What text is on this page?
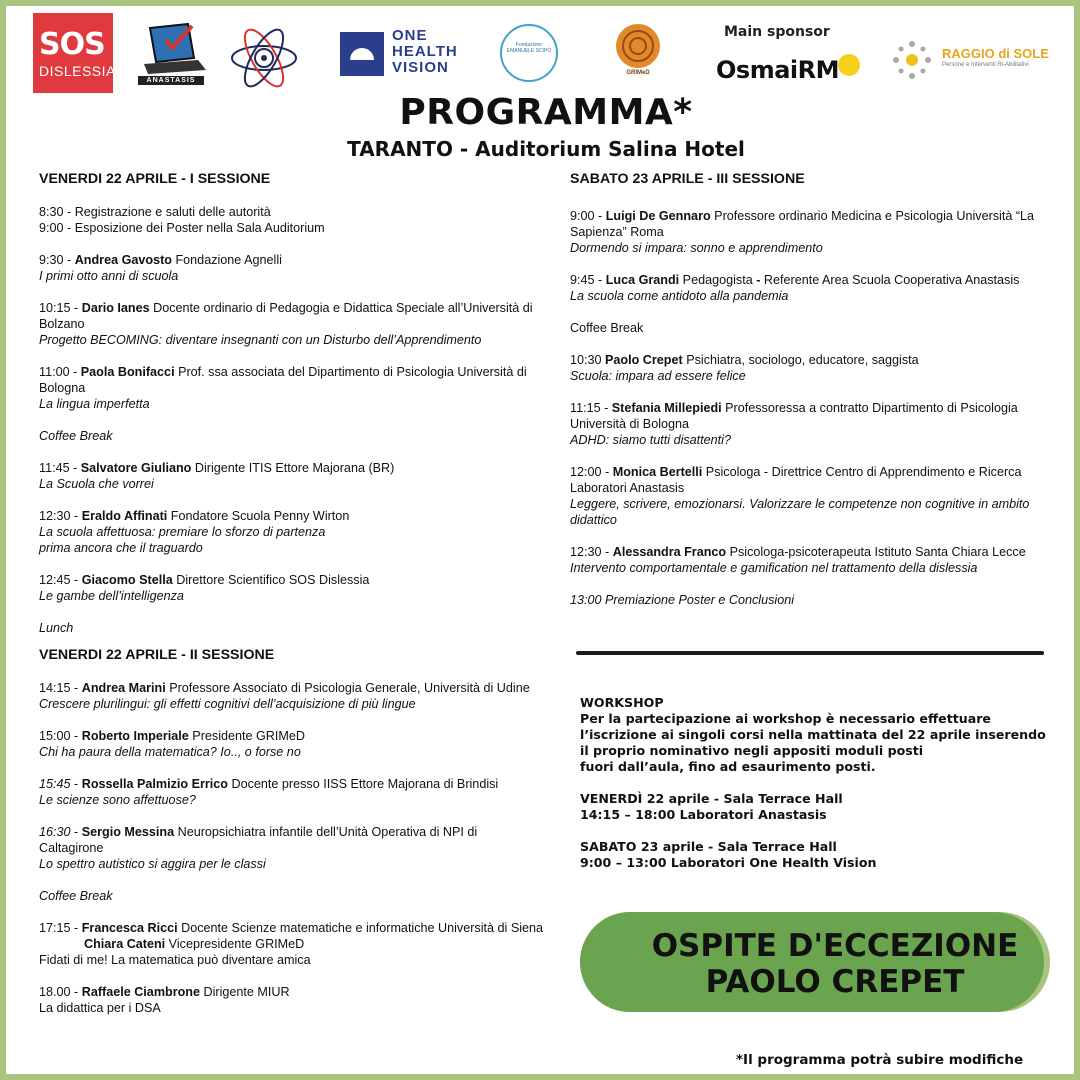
SOS
DISLESSIA
ANASTASIS
ONE
HEALTH
VISION
Fondazione EMANUELE SCIPO
GRIMeD
Main sponsor
OsmaiRM
RAGGIO di SOLE
Persone e Interventi Ri-Abilitativi
PROGRAMMA*
TARANTO - Auditorium Salina Hotel
VENERDI 22 APRILE - I SESSIONE
8:30 - Registrazione e saluti delle autorità
9:00 - Esposizione dei Poster nella Sala Auditorium
9:30 - Andrea Gavosto Fondazione Agnelli
I primi otto anni di scuola
10:15 - Dario Ianes Docente ordinario di Pedagogia e Didattica Speciale all’Università di Bolzano
Progetto BECOMING: diventare insegnanti con un Disturbo dell’Apprendimento
11:00 - Paola Bonifacci Prof. ssa associata del Dipartimento di Psicologia Università di Bologna
La lingua imperfetta
Coffee Break
11:45 - Salvatore Giuliano Dirigente ITIS Ettore Majorana (BR)
La Scuola che vorrei
12:30 - Eraldo Affinati Fondatore Scuola Penny Wirton
La scuola affettuosa: premiare lo sforzo di partenza
prima ancora che il traguardo
12:45 - Giacomo Stella Direttore Scientifico SOS Dislessia
Le gambe dell’intelligenza
Lunch
VENERDI 22 APRILE - II SESSIONE
14:15 - Andrea Marini Professore Associato di Psicologia Generale, Università di Udine
Crescere plurilingui: gli effetti cognitivi dell’acquisizione di più lingue
15:00 - Roberto Imperiale Presidente GRIMeD
Chi ha paura della matematica? Io.., o forse no
15:45 - Rossella Palmizio Errico Docente presso IISS Ettore Majorana di Brindisi
Le scienze sono affettuose?
16:30 - Sergio Messina Neuropsichiatra infantile dell’Unità Operativa di NPI di Caltagirone
Lo spettro autistico si aggira per le classi
Coffee Break
17:15 - Francesca Ricci Docente Scienze matematiche e informatiche Università di Siena
Chiara Cateni Vicepresidente GRIMeD
Fidati di me! La matematica può diventare amica
18.00 - Raffaele Ciambrone Dirigente MIUR
La didattica per i DSA
SABATO 23 APRILE - III SESSIONE
9:00 - Luigi De Gennaro Professore ordinario Medicina e Psicologia Università “La Sapienza” Roma
Dormendo si impara: sonno e apprendimento
9:45 - Luca Grandi Pedagogista - Referente Area Scuola Cooperativa Anastasis
La scuola come antidoto alla pandemia
Coffee Break
10:30 Paolo Crepet Psichiatra, sociologo, educatore, saggista
Scuola: impara ad essere felice
11:15 - Stefania Millepiedi Professoressa a contratto Dipartimento di Psicologia Università di Bologna
ADHD: siamo tutti disattenti?
12:00 - Monica Bertelli Psicologa - Direttrice Centro di Apprendimento e Ricerca Laboratori Anastasis
Leggere, scrivere, emozionarsi. Valorizzare le competenze non cognitive in ambito didattico
12:30 - Alessandra Franco Psicologa-psicoterapeuta Istituto Santa Chiara Lecce
Intervento comportamentale e gamification nel trattamento della dislessia
13:00 Premiazione Poster e Conclusioni
WORKSHOP
Per la partecipazione ai workshop è necessario effettuare
l’iscrizione ai singoli corsi nella mattinata del 22 aprile inserendo
il proprio nominativo negli appositi moduli posti
fuori dall’aula, fino ad esaurimento posti.
VENERDÌ 22 aprile - Sala Terrace Hall
14:15 – 18:00 Laboratori Anastasis
SABATO 23 aprile - Sala Terrace Hall
9:00 – 13:00 Laboratori One Health Vision
OSPITE D'ECCEZIONE
PAOLO CREPET
*Il programma potrà subire modifiche
